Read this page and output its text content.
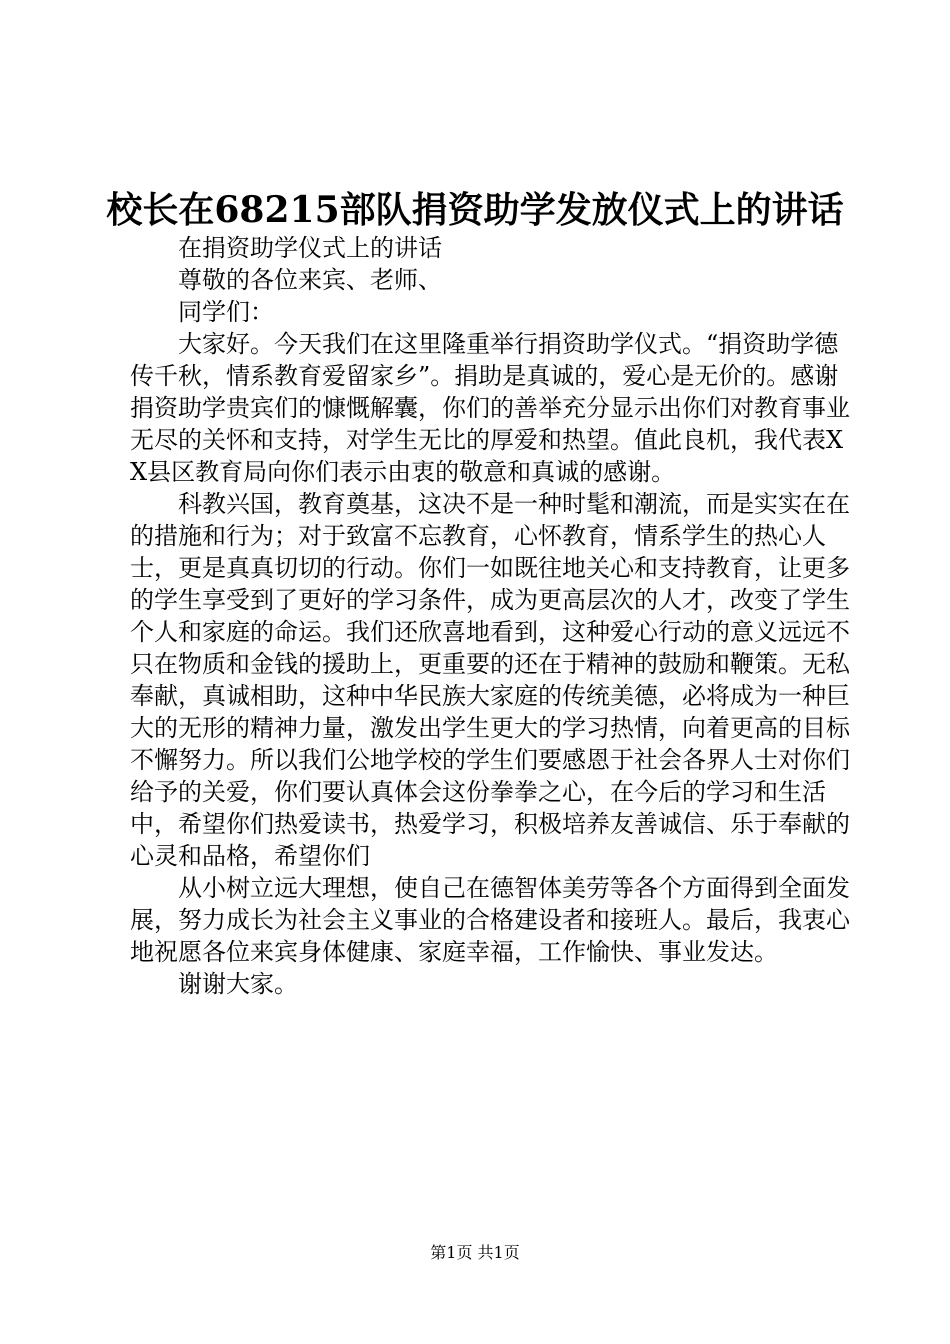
校长在68215部队捐资助学发放仪式上的讲话

在捐资助学仪式上的讲话

尊敬的各位来宾、老师、

同学们：

大家好。今天我们在这里隆重举行捐资助学仪式。“捐资助学德传千秋，情系教育爱留家乡”。捐助是真诚的，爱心是无价的。感谢捐资助学贵宾们的慷慨解囊，你们的善举充分显示出你们对教育事业无尽的关怀和支持，对学生无比的厚爱和热望。值此良机，我代表XX县区教育局向你们表示由衷的敬意和真诚的感谢。

科教兴国，教育奠基，这决不是一种时髦和潮流，而是实实在在的措施和行为；对于致富不忘教育，心怀教育，情系学生的热心人士，更是真真切切的行动。你们一如既往地关心和支持教育，让更多的学生享受到了更好的学习条件，成为更高层次的人才，改变了学生个人和家庭的命运。我们还欣喜地看到，这种爱心行动的意义远远不只在物质和金钱的援助上，更重要的还在于精神的鼓励和鞭策。无私奉献，真诚相助，这种中华民族大家庭的传统美德，必将成为一种巨大的无形的精神力量，激发出学生更大的学习热情，向着更高的目标不懈努力。所以我们公地学校的学生们要感恩于社会各界人士对你们给予的关爱，你们要认真体会这份拳拳之心，在今后的学习和生活中，希望你们热爱读书，热爱学习，积极培养友善诚信、乐于奉献的心灵和品格，希望你们

从小树立远大理想，使自己在德智体美劳等各个方面得到全面发展，努力成长为社会主义事业的合格建设者和接班人。最后，我衷心地祝愿各位来宾身体健康、家庭幸福，工作愉快、事业发达。

谢谢大家。

第1页 共1页
